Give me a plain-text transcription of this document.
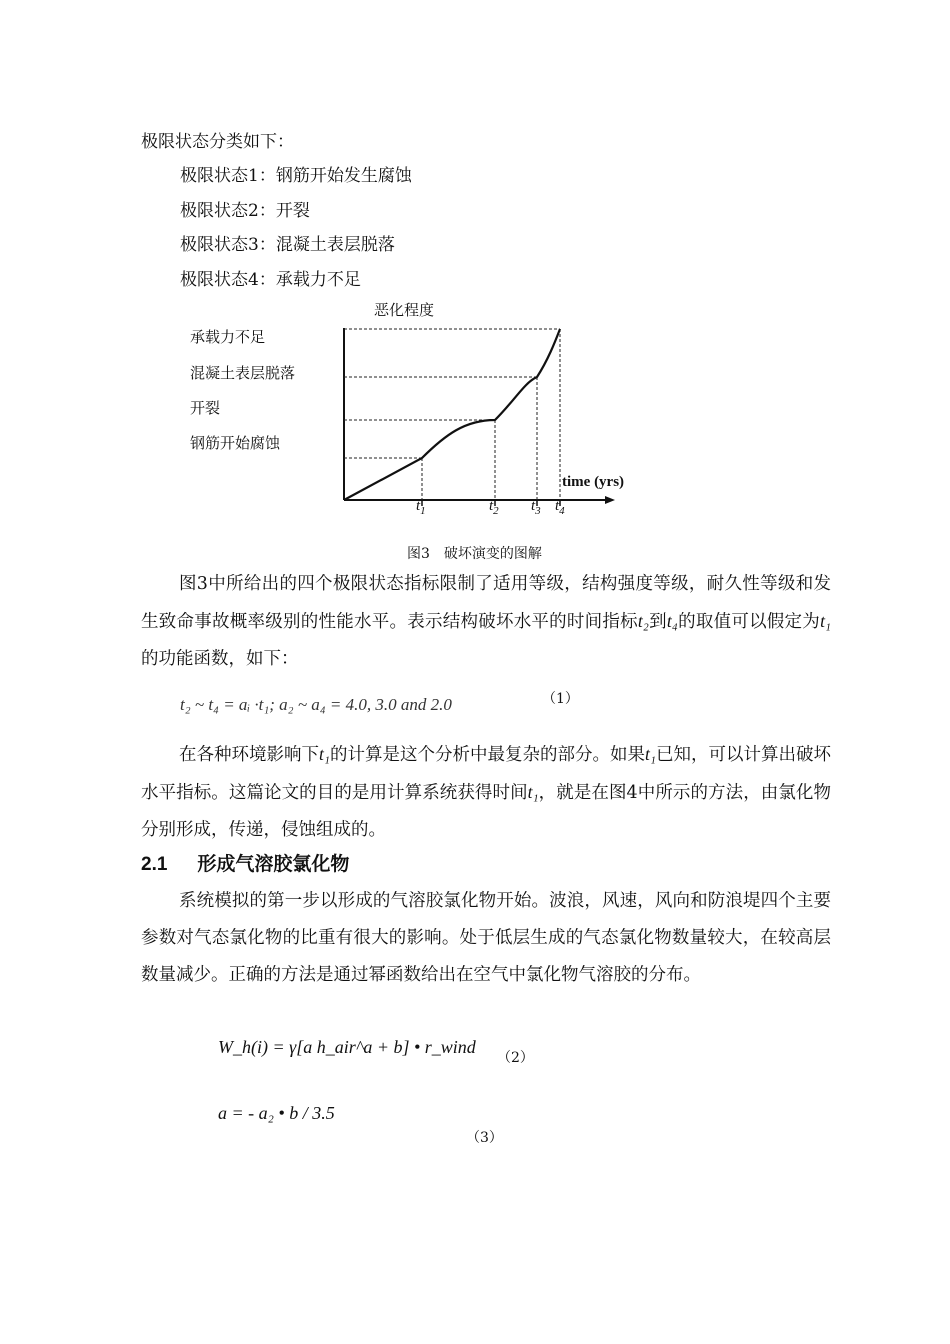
极限状态分类如下：
极限状态1：钢筋开始发生腐蚀
极限状态2：开裂
极限状态3：混凝土表层脱落
极限状态4：承载力不足
恶化程度
承载力不足
混凝土表层脱落
开裂
钢筋开始腐蚀
time (yrs)
$t_1$	$t_2$ $t_3$ $t_4$
图3　破坏演变的图解
图3中所给出的四个极限状态指标限制了适用等级，结构强度等级，耐久性等级和发生致命事故概率级别的性能水平。表示结构破坏水平的时间指标t₂到t₄的取值可以假定为t₁的功能函数，如下：
t₂ ~ t₄ = aᵢ ·t₁; a₂ ~ a₄ = 4.0, 3.0 and 2.0	（1）
在各种环境影响下t₁的计算是这个分析中最复杂的部分。如果t₁已知，可以计算出破坏水平指标。这篇论文的目的是用计算系统获得时间t₁，就是在图4中所示的方法，由氯化物分别形成，传递，侵蚀组成的。
2.1 形成气溶胶氯化物
系统模拟的第一步以形成的气溶胶氯化物开始。波浪，风速，风向和防浪堤四个主要参数对气态氯化物的比重有很大的影响。处于低层生成的气态氯化物数量较大，在较高层数量减少。正确的方法是通过幂函数给出在空气中氯化物气溶胶的分布。
W_h(i) = γ[a h_air^a + b] • r_wind
（2）
a = - a₂ • b / 3.5
（3）
